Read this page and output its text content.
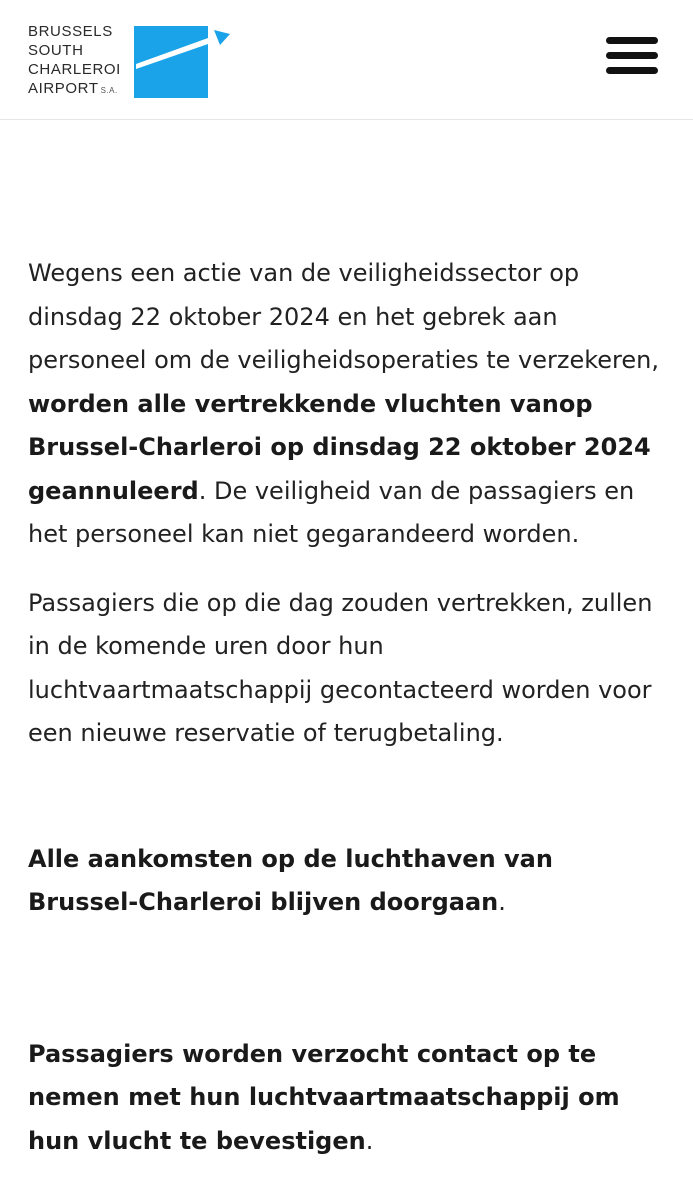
BRUSSELS
SOUTH
CHARLEROI
AIRPORT S.A.

Wegens een actie van de veiligheidssector op dinsdag 22 oktober 2024 en het gebrek aan personeel om de veiligheidsoperaties te verzekeren, worden alle vertrekkende vluchten vanop Brussel-Charleroi op dinsdag 22 oktober 2024 geannuleerd. De veiligheid van de passagiers en het personeel kan niet gegarandeerd worden.

Passagiers die op die dag zouden vertrekken, zullen in de komende uren door hun luchtvaartmaatschappij gecontacteerd worden voor een nieuwe reservatie of terugbetaling.

Alle aankomsten op de luchthaven van Brussel-Charleroi blijven doorgaan.

Passagiers worden verzocht contact op te nemen met hun luchtvaartmaatschappij om hun vlucht te bevestigen.
